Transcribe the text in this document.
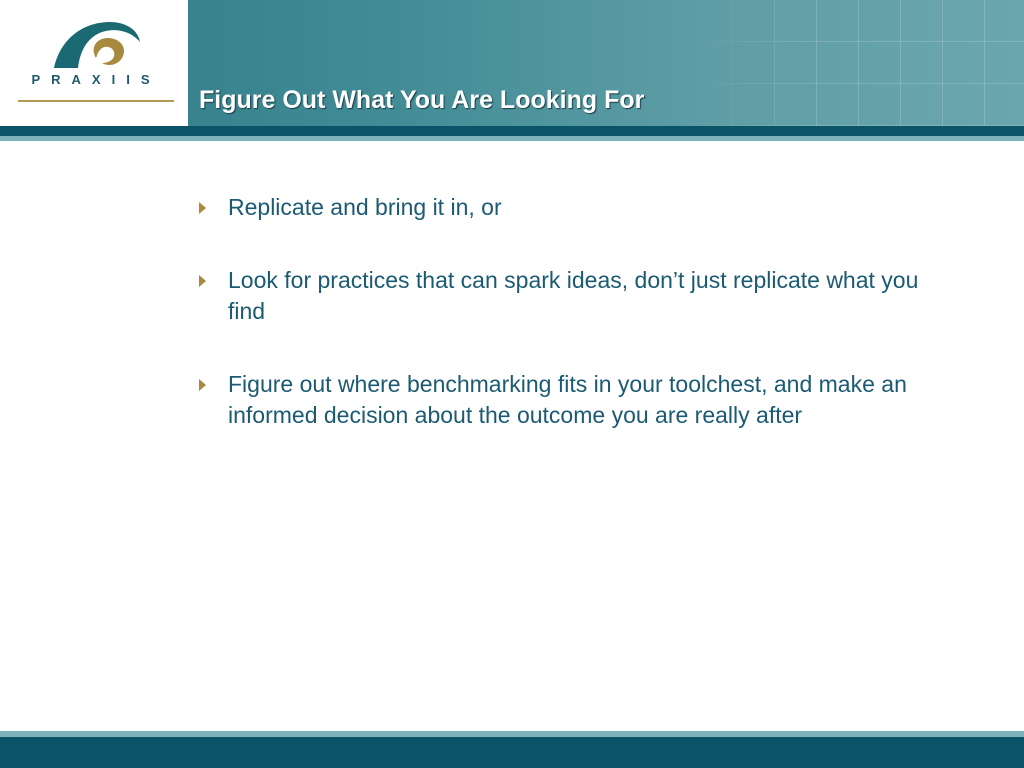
PRAXIIS
Figure Out What You Are Looking For
Replicate and bring it in, or
Look for practices that can spark ideas, don’t just replicate what you find
Figure out where benchmarking fits in your toolchest, and make an informed decision about the outcome you are really after
